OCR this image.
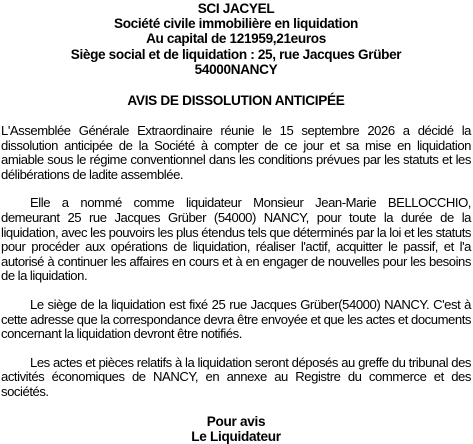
SCI JACYEL
Société civile immobilière en liquidation
Au capital de 121959,21euros
Siège social et de liquidation : 25, rue Jacques Grüber
54000NANCY
AVIS DE DISSOLUTION ANTICIPÉE

L'Assemblée Générale Extraordinaire réunie le 15 septembre 2026 a décidé la dissolution anticipée de la Société à compter de ce jour et sa mise en liquidation amiable sous le régime conventionnel dans les conditions prévues par les statuts et les délibérations de ladite assemblée.

Elle a nommé comme liquidateur Monsieur Jean-Marie BELLOCCHIO, demeurant 25 rue Jacques Grüber (54000) NANCY, pour toute la durée de la liquidation, avec les pouvoirs les plus étendus tels que déterminés par la loi et les statuts pour procéder aux opérations de liquidation, réaliser l'actif, acquitter le passif, et l'a autorisé à continuer les affaires en cours et à en engager de nouvelles pour les besoins de la liquidation.

Le siège de la liquidation est fixé 25 rue Jacques Grüber(54000) NANCY. C'est à cette adresse que la correspondance devra être envoyée et que les actes et documents concernant la liquidation devront être notifiés.

Les actes et pièces relatifs à la liquidation seront déposés au greffe du tribunal des activités économiques de NANCY, en annexe au Registre du commerce et des sociétés.

Pour avis
Le Liquidateur
